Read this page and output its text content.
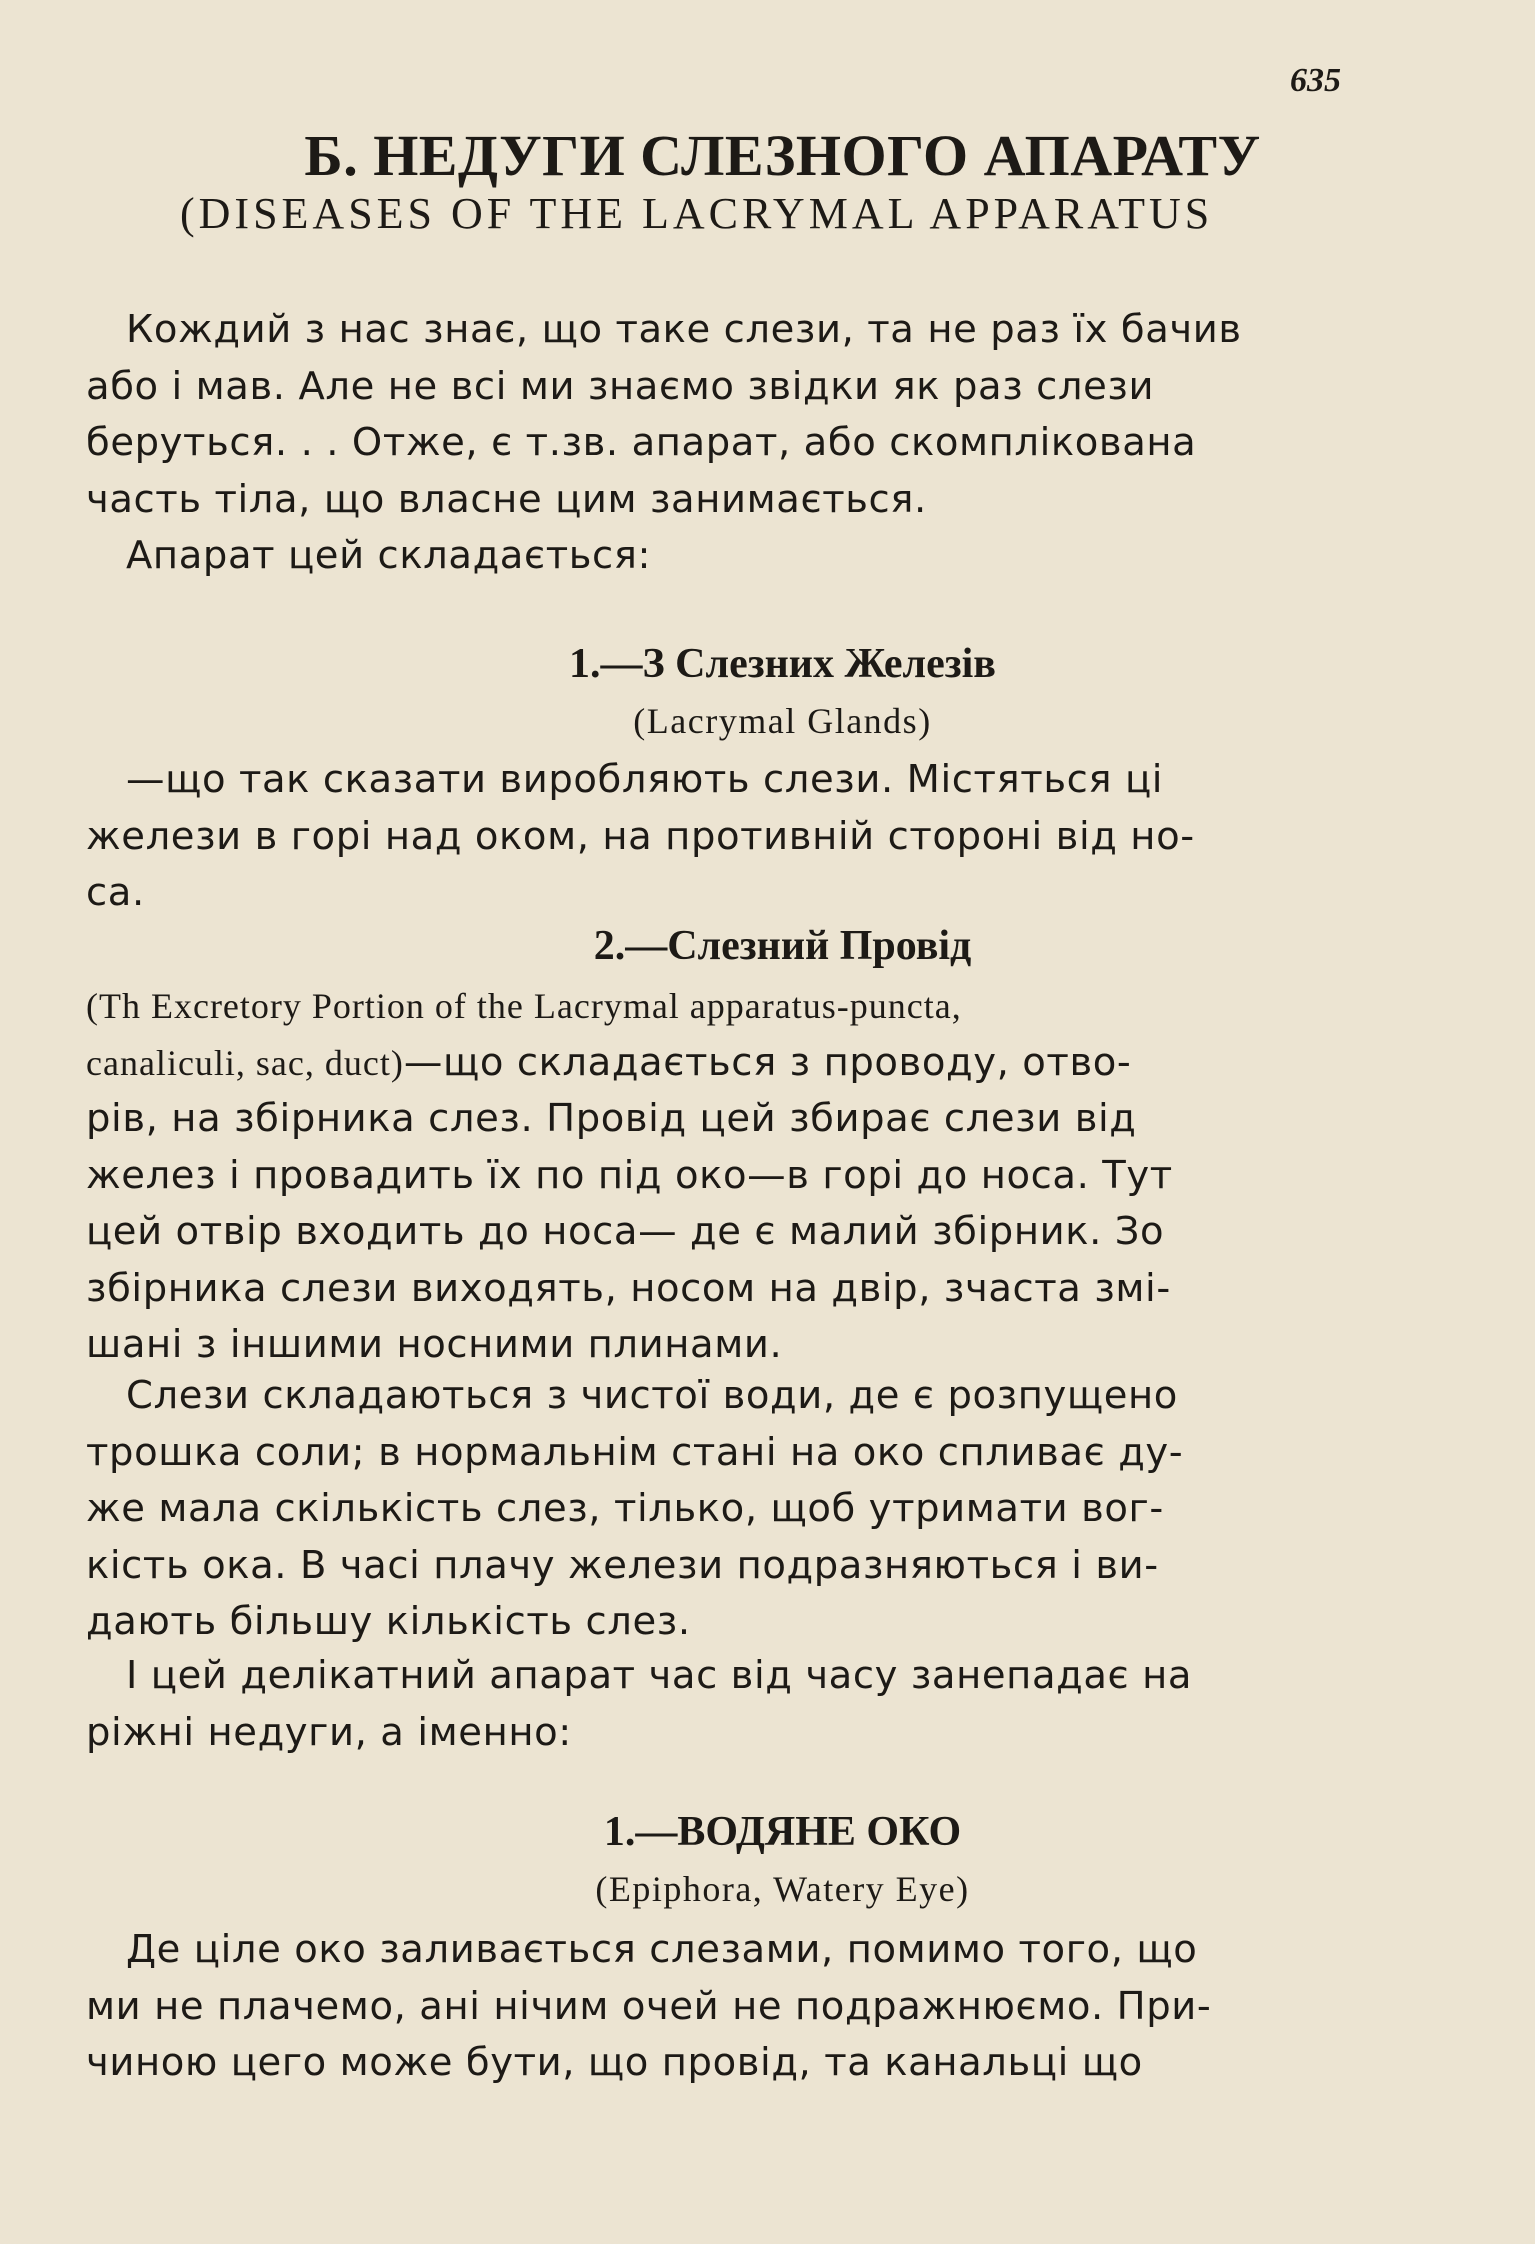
635
Б. НЕДУГИ СЛЕЗНОГО АПАРАТУ
(DISEASES OF THE LACRYMAL APPARATUS
Кождий з нас знає, що таке слези, та не раз їх бачив
або і мав. Але не всі ми знаємо звідки як раз слези
беруться. . . Отже, є т.зв. апарат, або скомплікована
часть тіла, що власне цим занимається.
Апарат цей складається:
1.—З Слезних Железів
(Lacrymal Glands)
—що так сказати виробляють слези. Містяться ці
желези в горі над оком, на противній стороні від но-
са.
2.—Слезний Провід
(Th Excretory Portion of the Lacrymal apparatus-puncta,
canaliculi, sac, duct)—що складається з проводу, отво-
рів, на збірника слез. Провід цей збирає слези від
желез і провадить їх по під око—в горі до носа. Тут
цей отвір входить до носа— де є малий збірник. Зо
збірника слези виходять, носом на двір, зчаста змі-
шані з іншими носними плинами.
Слези складаються з чистої води, де є розпущено
трошка соли; в нормальнім стані на око спливає ду-
же мала скількість слез, тілько, щоб утримати вог-
кість ока. В часі плачу желези подразняються і ви-
дають більшу кількість слез.
І цей делікатний апарат час від часу занепадає на
ріжні недуги, а іменно:
1.—ВОДЯНЕ ОКО
(Epiphora, Watery Eye)
Де ціле око заливається слезами, помимо того, що
ми не плачемо, ані нічим очей не подражнюємо. При-
чиною цего може бути, що провід, та канальці що
